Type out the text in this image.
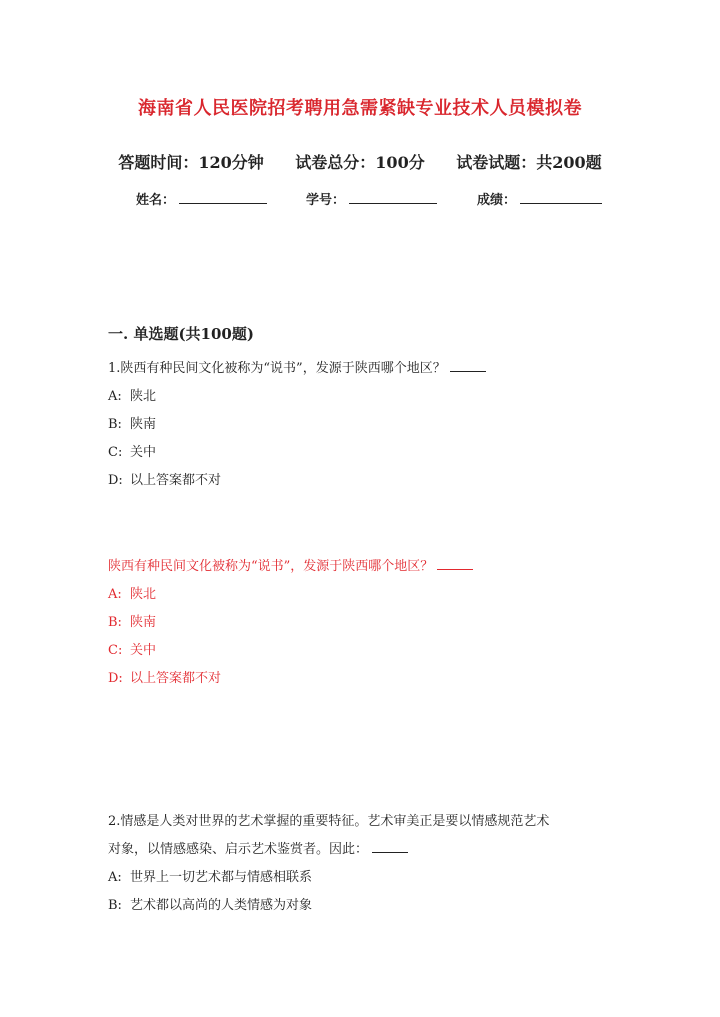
海南省人民医院招考聘用急需紧缺专业技术人员模拟卷
答题时间：120分钟 试卷总分：100分 试卷试题：共200题
姓名：	学号：	成绩：
一. 单选题(共100题)
1.陕西有种民间文化被称为“说书”，发源于陕西哪个地区？
A: 陕北
B: 陕南
C: 关中
D: 以上答案都不对
陕西有种民间文化被称为“说书”，发源于陕西哪个地区？
A: 陕北
B: 陕南
C: 关中
D: 以上答案都不对
2.情感是人类对世界的艺术掌握的重要特征。艺术审美正是要以情感规范艺术
对象，以情感感染、启示艺术鉴赏者。因此：
A: 世界上一切艺术都与情感相联系
B: 艺术都以高尚的人类情感为对象
